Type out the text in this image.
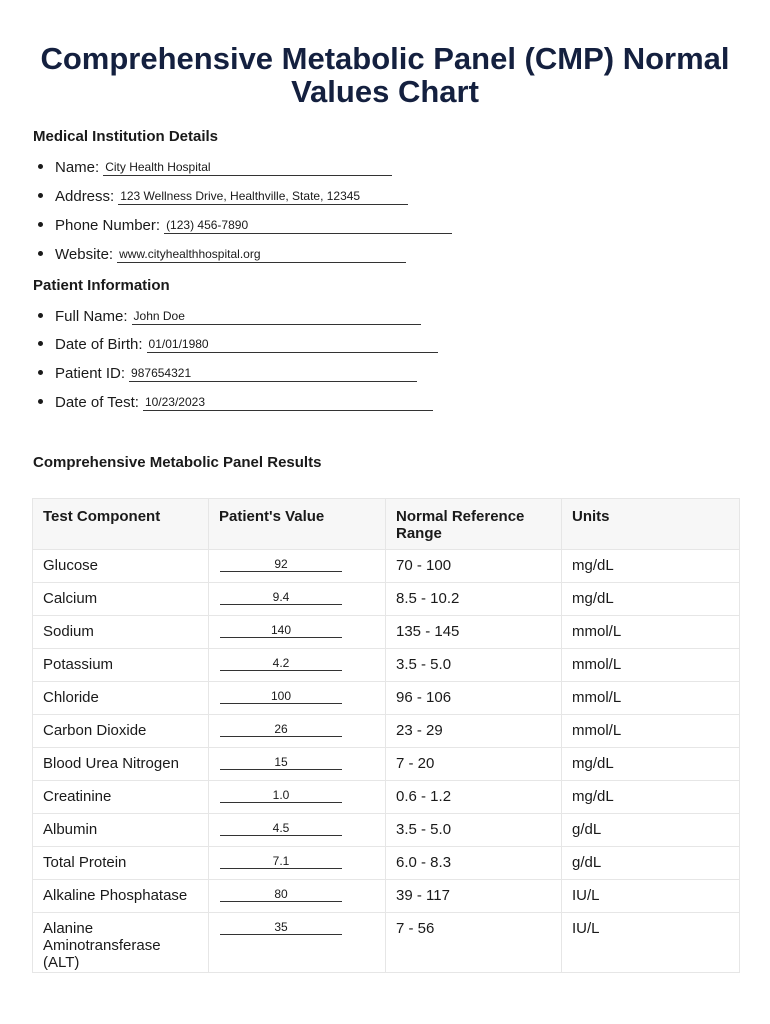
Comprehensive Metabolic Panel (CMP) Normal Values Chart
Medical Institution Details
Name: City Health Hospital
Address: 123 Wellness Drive, Healthville, State, 12345
Phone Number: (123) 456-7890
Website: www.cityhealthhospital.org
Patient Information
Full Name: John Doe
Date of Birth: 01/01/1980
Patient ID: 987654321
Date of Test: 10/23/2023
Comprehensive Metabolic Panel Results
Test Component	Patient's Value	Normal Reference Range	Units
Glucose	92	70 - 100	mg/dL
Calcium	9.4	8.5 - 10.2	mg/dL
Sodium	140	135 - 145	mmol/L
Potassium	4.2	3.5 - 5.0	mmol/L
Chloride	100	96 - 106	mmol/L
Carbon Dioxide	26	23 - 29	mmol/L
Blood Urea Nitrogen	15	7 - 20	mg/dL
Creatinine	1.0	0.6 - 1.2	mg/dL
Albumin	4.5	3.5 - 5.0	g/dL
Total Protein	7.1	6.0 - 8.3	g/dL
Alkaline Phosphatase	80	39 - 117	IU/L
Alanine Aminotransferase (ALT)	35	7 - 56	IU/L
